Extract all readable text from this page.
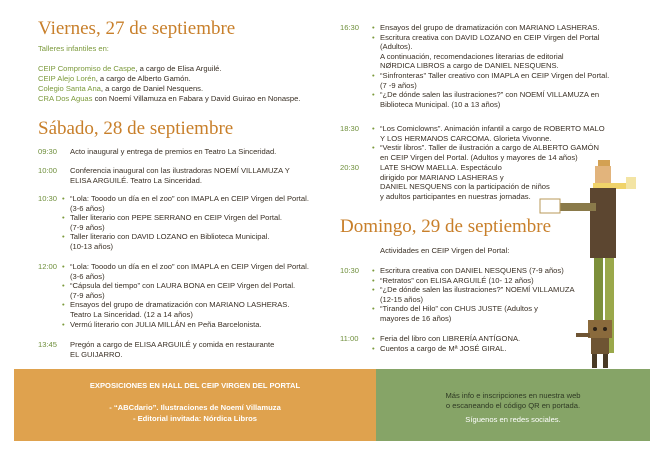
Viernes, 27 de septiembre
Talleres infantiles en:
CEIP Compromiso de Caspe, a cargo de Elisa Arguilé.
CEIP Alejo Lorén, a cargo de Alberto Gamón.
Colegio Santa Ana, a cargo de Daniel Nesquens.
CRA Dos Aguas con Noemí Villamuza en Fabara y David Guirao en Nonaspe.
Sábado, 28 de septiembre
09:30 Acto inaugural y entrega de premios en Teatro La Sinceridad.
10:00 Conferencia inaugural con las ilustradoras NOEMÍ VILLAMUZA Y
ELISA ARGUILÉ. Teatro La Sinceridad.
10:30	• “Lola: Tooodo un día en el zoo” con IMAPLA en CEIP Virgen del Portal.
(3-6 años)
• Taller literario con PEPE SERRANO en CEIP Virgen del Portal.
(7-9 años)
• Taller literario con DAVID LOZANO en Biblioteca Municipal.
(10-13 años)
12:00	• “Lola: Tooodo un día en el zoo” con IMAPLA en CEIP Virgen del Portal.
(3-6 años)
• “Cápsula del tiempo” con LAURA BONA en CEIP Virgen del Portal.
(7-9 años)
• Ensayos del grupo de dramatización con MARIANO LASHERAS.
Teatro La Sinceridad. (12 a 14 años)
• Vermú literario con JULIA MILLÁN en Peña Barcelonista.
13:45 Pregón a cargo de ELISA ARGUILÉ y comida en restaurante
EL GUIJARRO.
16:30	• Ensayos del grupo de dramatización con MARIANO LASHERAS.
• Escritura creativa con DAVID LOZANO en CEIP Virgen del Portal
(Adultos).
A continuación, recomendaciones literarias de editorial
NØRDICA LIBROS a cargo de DANIEL NESQUENS.
• “Sinfronteras” Taller creativo con IMAPLA en CEIP Virgen del Portal.
(7 -9 años)
• “¿De dónde salen las ilustraciones?” con NOEMÍ VILLAMUZA en
Biblioteca Municipal. (10 a 13 años)
18:30	• “Los Comiclowns”. Animación infantil a cargo de ROBERTO MALO
Y LOS HERMANOS CARCOMA. Glorieta Vivonne.
• “Vestir libros”. Taller de ilustración a cargo de ALBERTO GAMÓN
en CEIP Virgen del Portal. (Adultos y mayores de 14 años)
20:30	LATE SHOW MAELLA. Espectáculo
dirigido por MARIANO LASHERAS y
DANIEL NESQUENS con la participación de niños
y adultos participantes en nuestras jornadas.
Domingo, 29 de septiembre
Actividades en CEIP Virgen del Portal:
10:30	• Escritura creativa con DANIEL NESQUENS (7-9 años)
• “Retratos” con ELISA ARGUILÉ (10- 12 años)
• “¿De dónde salen las ilustraciones?” NOEMÍ VILLAMUZA
(12-15 años)
• “Tirando del Hilo” con CHUS JUSTE (Adultos y
mayores de 16 años)
11:00	• Feria del libro con LIBRERÍA ANTÍGONA.
• Cuentos a cargo de Mª JOSÉ GIRAL.
EXPOSICIONES EN HALL DEL CEIP VIRGEN DEL PORTAL
- “ABCdario”. Ilustraciones de Noemí Villamuza
- Editorial invitada: Nórdica Libros
Más info e inscripciones en nuestra web
o escaneando el código QR en portada.
Síguenos en redes sociales.
